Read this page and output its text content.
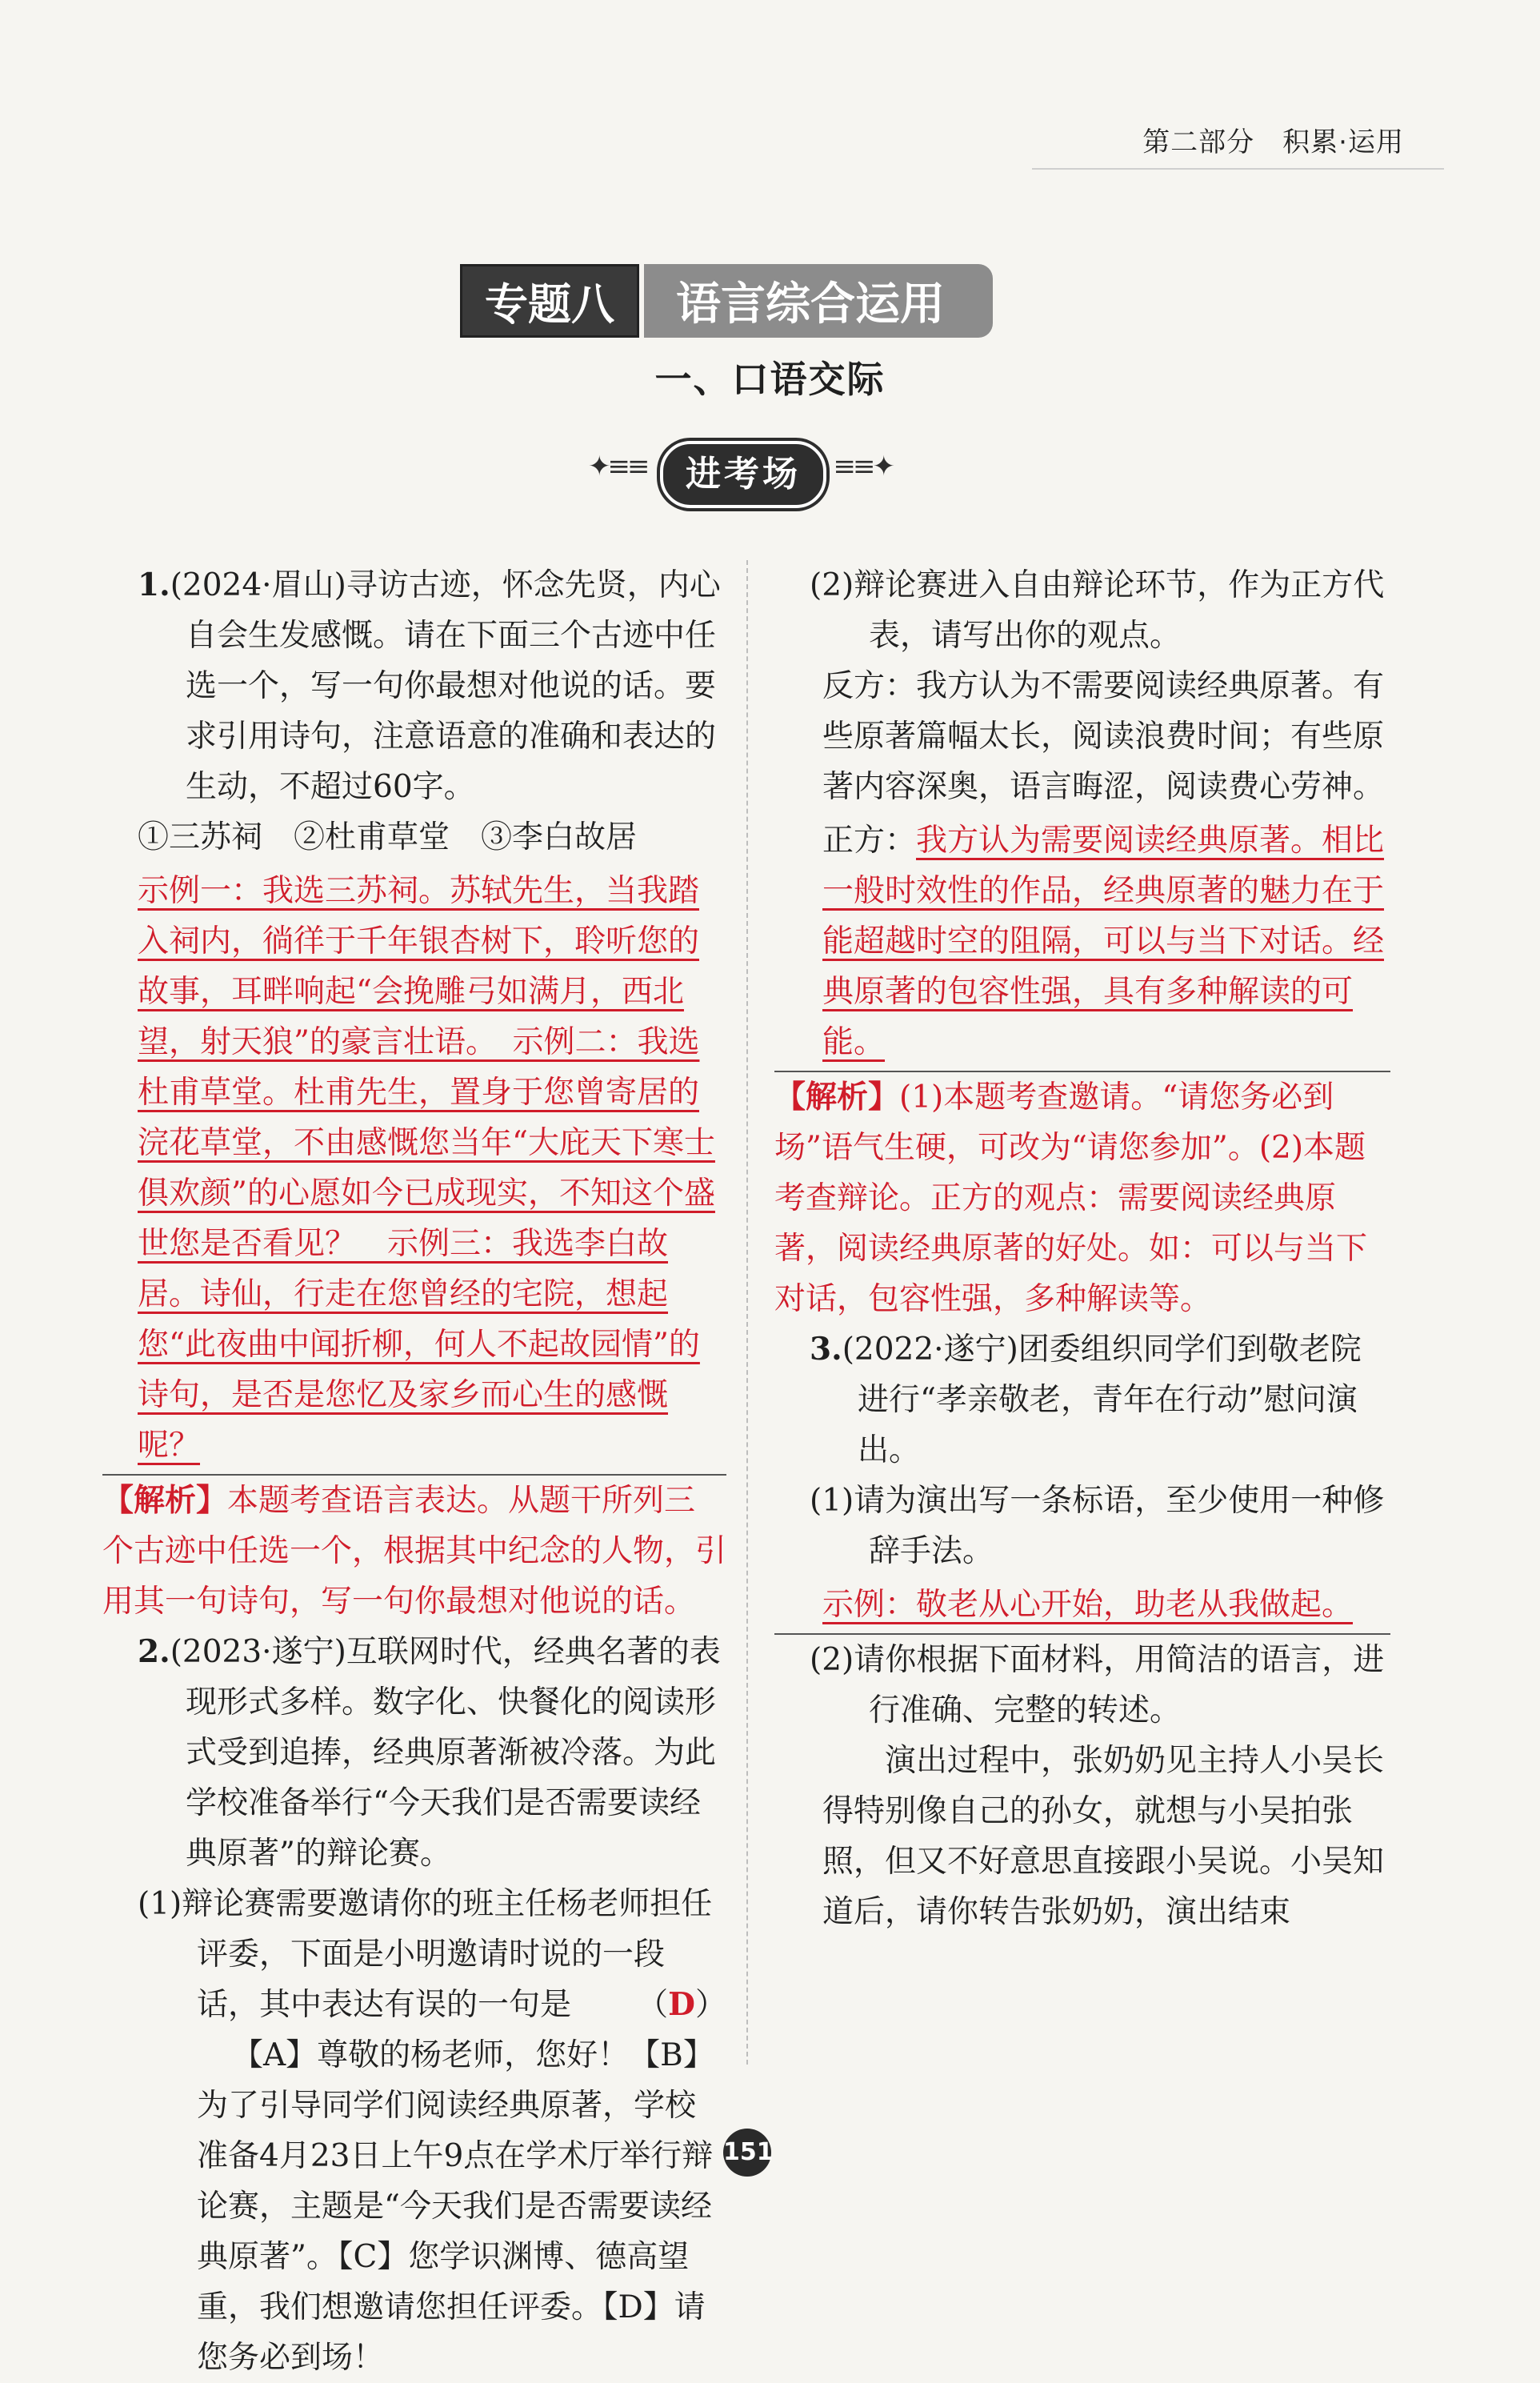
第二部分　积累·运用
专题八	语言综合运用
一、口语交际
✦≡≡	进考场	≡≡✦

1.(2024·眉山)寻访古迹，怀念先贤，内心自会生发感慨。请在下面三个古迹中任选一个，写一句你最想对他说的话。要求引用诗句，注意语意的准确和表达的生动，不超过60字。

①三苏祠　②杜甫草堂　③李白故居

示例一：我选三苏祠。苏轼先生，当我踏入祠内，徜徉于千年银杏树下，聆听您的故事，耳畔响起“会挽雕弓如满月，西北望，射天狼”的豪言壮语。　示例二：我选杜甫草堂。杜甫先生，置身于您曾寄居的浣花草堂，不由感慨您当年“大庇天下寒士俱欢颜”的心愿如今已成现实，不知这个盛世您是否看见？　示例三：我选李白故居。诗仙，行走在您曾经的宅院，想起您“此夜曲中闻折柳，何人不起故园情”的诗句，是否是您忆及家乡而心生的感慨呢？

【解析】本题考查语言表达。从题干所列三个古迹中任选一个，根据其中纪念的人物，引用其一句诗句，写一句你最想对他说的话。

2.(2023·遂宁)互联网时代，经典名著的表现形式多样。数字化、快餐化的阅读形式受到追捧，经典原著渐被冷落。为此学校准备举行“今天我们是否需要读经典原著”的辩论赛。

(1)辩论赛需要邀请你的班主任杨老师担任评委，下面是小明邀请时说的一段话，其中表达有误的一句是 （D）

【A】尊敬的杨老师，您好！【B】为了引导同学们阅读经典原著，学校准备4月23日上午9点在学术厅举行辩论赛，主题是“今天我们是否需要读经典原著”。【C】您学识渊博、德高望重，我们想邀请您担任评委。【D】请您务必到场！

(2)辩论赛进入自由辩论环节，作为正方代表，请写出你的观点。

反方：我方认为不需要阅读经典原著。有些原著篇幅太长，阅读浪费时间；有些原著内容深奥，语言晦涩，阅读费心劳神。

正方：我方认为需要阅读经典原著。相比一般时效性的作品，经典原著的魅力在于能超越时空的阻隔，可以与当下对话。经典原著的包容性强，具有多种解读的可能。

【解析】(1)本题考查邀请。“请您务必到场”语气生硬，可改为“请您参加”。(2)本题考查辩论。正方的观点：需要阅读经典原著，阅读经典原著的好处。如：可以与当下对话，包容性强，多种解读等。

3.(2022·遂宁)团委组织同学们到敬老院进行“孝亲敬老，青年在行动”慰问演出。

(1)请为演出写一条标语，至少使用一种修辞手法。

示例：敬老从心开始，助老从我做起。

(2)请你根据下面材料，用简洁的语言，进行准确、完整的转述。

演出过程中，张奶奶见主持人小吴长得特别像自己的孙女，就想与小吴拍张照，但又不好意思直接跟小吴说。小吴知道后，请你转告张奶奶，演出结束

151
